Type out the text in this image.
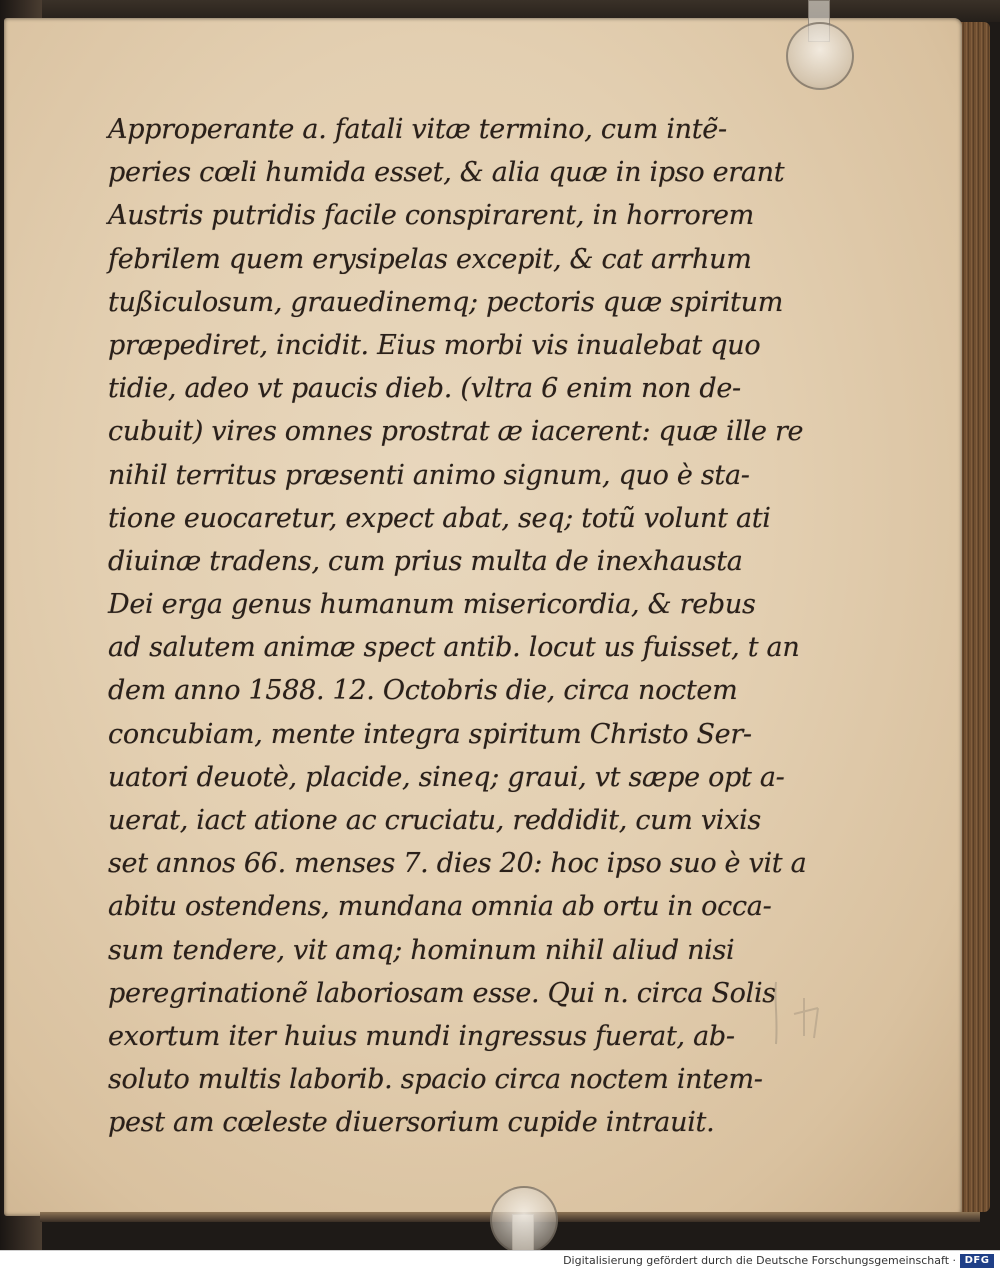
Approperante a. fatali vitæ termino, cum intẽ-
peries cœli humida esset, & alia quæ in ipso erant
Austris putridis facile conspirarent, in horrorem
febrilem quem erysipelas excepit, & cat arrhum
tußiculosum, grauedinemq; pectoris quæ spiritum
præpediret, incidit. Eius morbi vis inualebat quo
tidie, adeo vt paucis dieb. (vltra 6 enim non de-
cubuit) vires omnes prostrat æ iacerent: quæ ille re
nihil territus præsenti animo signum, quo è sta-
tione euocaretur, expect abat, seq; totũ volunt ati
diuinæ tradens, cum prius multa de inexhausta
Dei erga genus humanum misericordia, & rebus
ad salutem animæ spect antib. locut us fuisset, t an
dem anno 1588. 12. Octobris die, circa noctem
concubiam, mente integra spiritum Christo Ser-
uatori deuotè, placide, sineq; graui, vt sæpe opt a-
uerat, iact atione ac cruciatu, reddidit, cum vixis
set annos 66. menses 7. dies 20: hoc ipso suo è vit a
abitu ostendens, mundana omnia ab ortu in occa-
sum tendere, vit amq; hominum nihil aliud nisi
peregrinationẽ laboriosam esse. Qui n. circa Solis
exortum iter huius mundi ingressus fuerat, ab-
soluto multis laborib. spacio circa noctem intem-
pest am cœleste diuersorium cupide intrauit.
Digitalisierung gefördert durch die Deutsche Forschungsgemeinschaft · DFG
